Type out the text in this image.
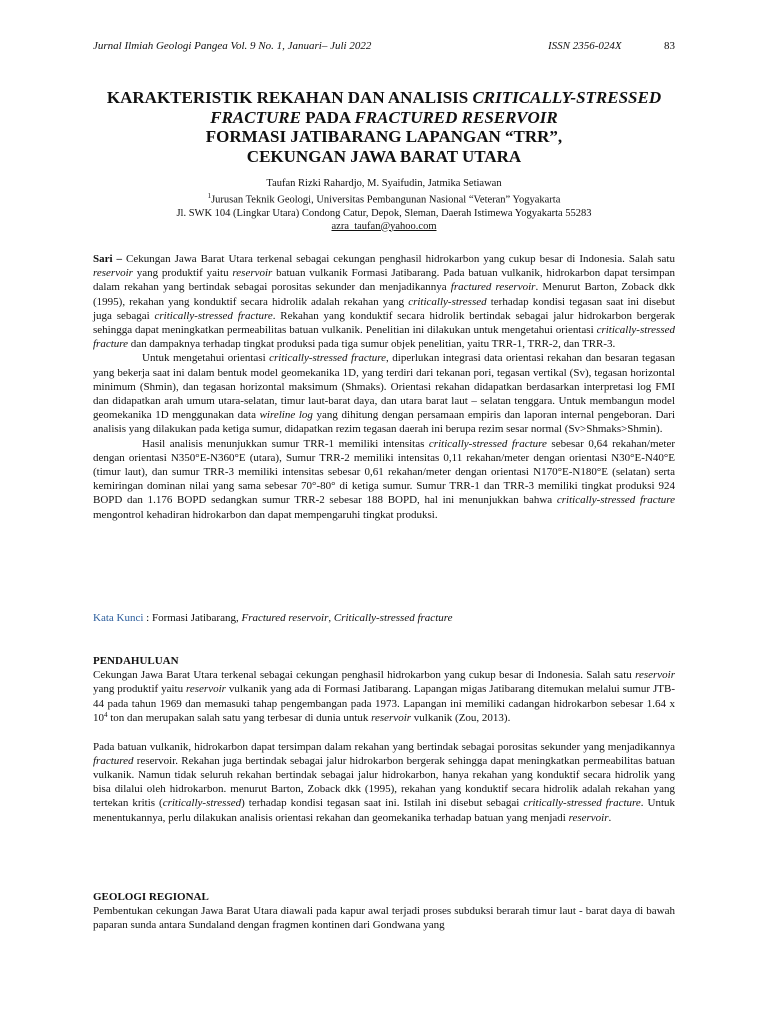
Jurnal Ilmiah Geologi Pangea Vol. 9 No. 1, Januari– Juli 2022	ISSN 2356-024X	83
KARAKTERISTIK REKAHAN DAN ANALISIS CRITICALLY-STRESSED FRACTURE PADA FRACTURED RESERVOIR
FORMASI JATIBARANG LAPANGAN “TRR”,
CEKUNGAN JAWA BARAT UTARA
Taufan Rizki Rahardjo, M. Syaifudin, Jatmika Setiawan
$^1$Jurusan Teknik Geologi, Universitas Pembangunan Nasional “Veteran” Yogyakarta
Jl. SWK 104 (Lingkar Utara) Condong Catur, Depok, Sleman, Daerah Istimewa Yogyakarta 55283
azra_taufan@yahoo.com

Sari – Cekungan Jawa Barat Utara terkenal sebagai cekungan penghasil hidrokarbon yang cukup besar di Indonesia. Salah satu reservoir yang produktif yaitu reservoir batuan vulkanik Formasi Jatibarang. Pada batuan vulkanik, hidrokarbon dapat tersimpan dalam rekahan yang bertindak sebagai porositas sekunder dan menjadikannya fractured reservoir. Menurut Barton, Zoback dkk (1995), rekahan yang konduktif secara hidrolik adalah rekahan yang critically-stressed terhadap kondisi tegasan saat ini disebut juga sebagai critically-stressed fracture. Rekahan yang konduktif secara hidrolik bertindak sebagai jalur hidrokarbon bergerak sehingga dapat meningkatkan permeabilitas batuan vulkanik. Penelitian ini dilakukan untuk mengetahui orientasi critically-stressed fracture dan dampaknya terhadap tingkat produksi pada tiga sumur objek penelitian, yaitu TRR-1, TRR-2, dan TRR-3.

Untuk mengetahui orientasi critically-stressed fracture, diperlukan integrasi data orientasi rekahan dan besaran tegasan yang bekerja saat ini dalam bentuk model geomekanika 1D, yang terdiri dari tekanan pori, tegasan vertikal (Sv), tegasan horizontal minimum (Shmin), dan tegasan horizontal maksimum (Shmaks). Orientasi rekahan didapatkan berdasarkan interpretasi log FMI dan didapatkan arah umum utara-selatan, timur laut-barat daya, dan utara barat laut – selatan tenggara. Untuk membangun model geomekanika 1D menggunakan data wireline log yang dihitung dengan persamaan empiris dan laporan internal pengeboran. Dari analisis yang dilakukan pada ketiga sumur, didapatkan rezim tegasan daerah ini berupa rezim sesar normal (Sv>Shmaks>Shmin).

Hasil analisis menunjukkan sumur TRR-1 memiliki intensitas critically-stressed fracture sebesar 0,64 rekahan/meter dengan orientasi N350°E-N360°E (utara), Sumur TRR-2 memiliki intensitas 0,11 rekahan/meter dengan orientasi N30°E-N40°E (timur laut), dan sumur TRR-3 memiliki intensitas sebesar 0,61 rekahan/meter dengan orientasi N170°E-N180°E (selatan) serta kemiringan dominan nilai yang sama sebesar 70°-80° di ketiga sumur. Sumur TRR-1 dan TRR-3 memiliki tingkat produksi 924 BOPD dan 1.176 BOPD sedangkan sumur TRR-2 sebesar 188 BOPD, hal ini menunjukkan bahwa critically-stressed fracture mengontrol kehadiran hidrokarbon dan dapat mempengaruhi tingkat produksi.

Kata Kunci : Formasi Jatibarang, Fractured reservoir, Critically-stressed fracture
PENDAHULUAN

Cekungan Jawa Barat Utara terkenal sebagai cekungan penghasil hidrokarbon yang cukup besar di Indonesia. Salah satu reservoir yang produktif yaitu reservoir vulkanik yang ada di Formasi Jatibarang. Lapangan migas Jatibarang ditemukan melalui sumur JTB-44 pada tahun 1969 dan memasuki tahap pengembangan pada 1973. Lapangan ini memiliki cadangan hidrokarbon sebesar 1.64 x $10^4$ ton dan merupakan salah satu yang terbesar di dunia untuk reservoir vulkanik (Zou, 2013).

Pada batuan vulkanik, hidrokarbon dapat tersimpan dalam rekahan yang bertindak sebagai porositas sekunder yang menjadikannya fractured reservoir. Rekahan juga bertindak sebagai jalur hidrokarbon bergerak sehingga dapat meningkatkan permeabilitas batuan vulkanik. Namun tidak seluruh rekahan bertindak sebagai jalur hidrokarbon, hanya rekahan yang konduktif secara hidrolik yang bisa dilalui oleh hidrokarbon. menurut Barton, Zoback dkk (1995), rekahan yang konduktif secara hidrolik adalah rekahan yang tertekan kritis (critically-stressed) terhadap kondisi tegasan saat ini. Istilah ini disebut sebagai critically-stressed fracture. Untuk menentukannya, perlu dilakukan analisis orientasi rekahan dan geomekanika terhadap batuan yang menjadi reservoir.

GEOLOGI REGIONAL

Pembentukan cekungan Jawa Barat Utara diawali pada kapur awal terjadi proses subduksi berarah timur laut - barat daya di bawah paparan sunda antara Sundaland dengan fragmen kontinen dari Gondwana yang
